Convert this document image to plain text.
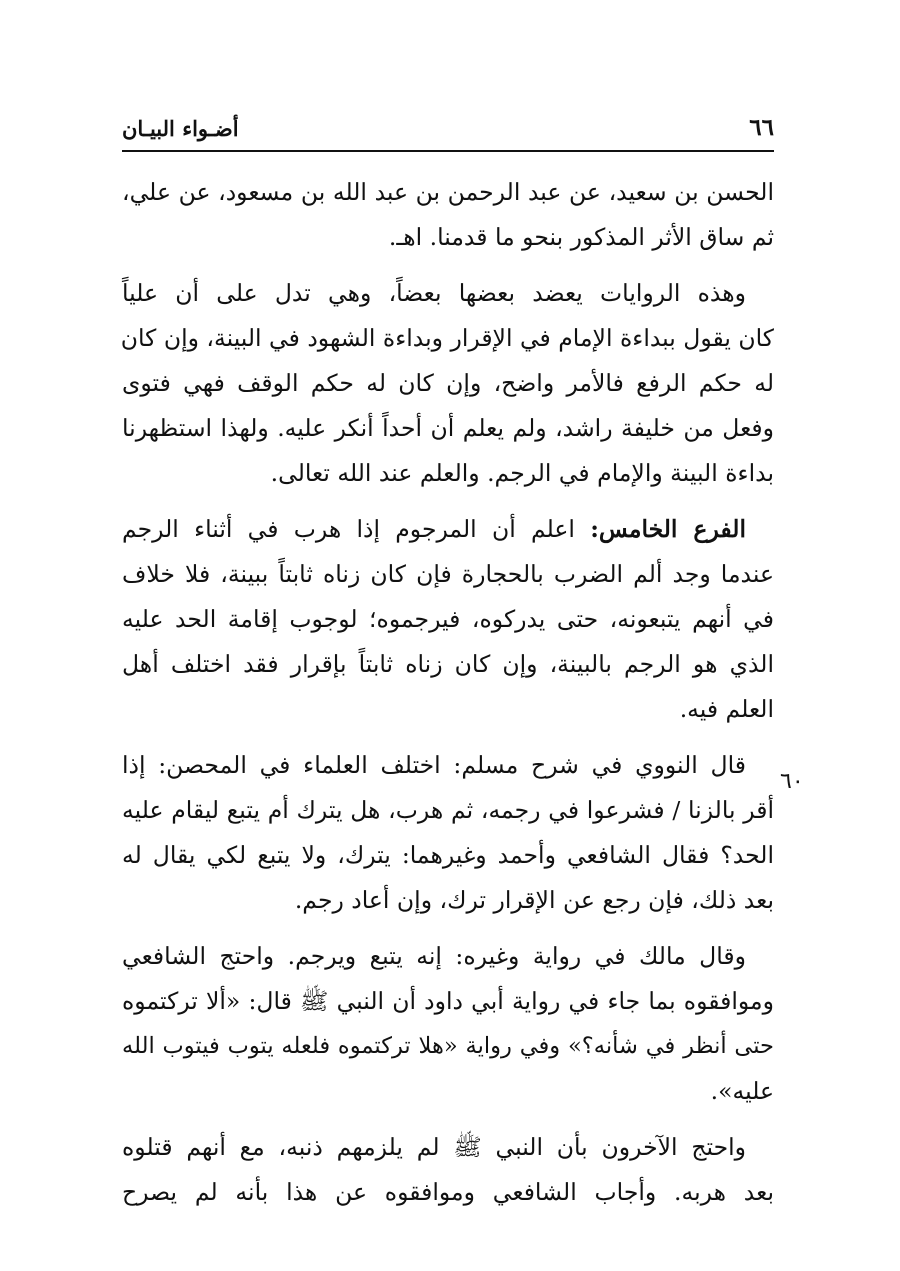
أضـواء البيـان	٦٦
٦٠
الحسن بن سعيد، عن عبد الرحمن بن عبد الله بن مسعود، عن علي،
ثم ساق الأثر المذكور بنحو ما قدمنا. اهـ.
وهذه الروايات يعضد بعضها بعضاً، وهي تدل على أن علياً
كان يقول ببداءة الإمام في الإقرار وبداءة الشهود في البينة، وإن كان
له حكم الرفع فالأمر واضح، وإن كان له حكم الوقف فهي فتوى
وفعل من خليفة راشد، ولم يعلم أن أحداً أنكر عليه. ولهذا استظهرنا
بداءة البينة والإمام في الرجم. والعلم عند الله تعالى.
الفرع الخامس: اعلم أن المرجوم إذا هرب في أثناء الرجم
عندما وجد ألم الضرب بالحجارة فإن كان زناه ثابتاً ببينة، فلا خلاف
في أنهم يتبعونه، حتى يدركوه، فيرجموه؛ لوجوب إقامة الحد عليه
الذي هو الرجم بالبينة، وإن كان زناه ثابتاً بإقرار فقد اختلف أهل
العلم فيه.
قال النووي في شرح مسلم: اختلف العلماء في المحصن: إذا
أقر بالزنا / فشرعوا في رجمه، ثم هرب، هل يترك أم يتبع ليقام عليه
الحد؟ فقال الشافعي وأحمد وغيرهما: يترك، ولا يتبع لكي يقال له
بعد ذلك، فإن رجع عن الإقرار ترك، وإن أعاد رجم.
وقال مالك في رواية وغيره: إنه يتبع ويرجم. واحتج الشافعي
وموافقوه بما جاء في رواية أبي داود أن النبي ﷺ قال: «ألا تركتموه
حتى أنظر في شأنه؟» وفي رواية «هلا تركتموه فلعله يتوب فيتوب الله
عليه».
واحتج الآخرون بأن النبي ﷺ لم يلزمهم ذنبه، مع أنهم قتلوه
بعد هربه. وأجاب الشافعي وموافقوه عن هذا بأنه لم يصرح
